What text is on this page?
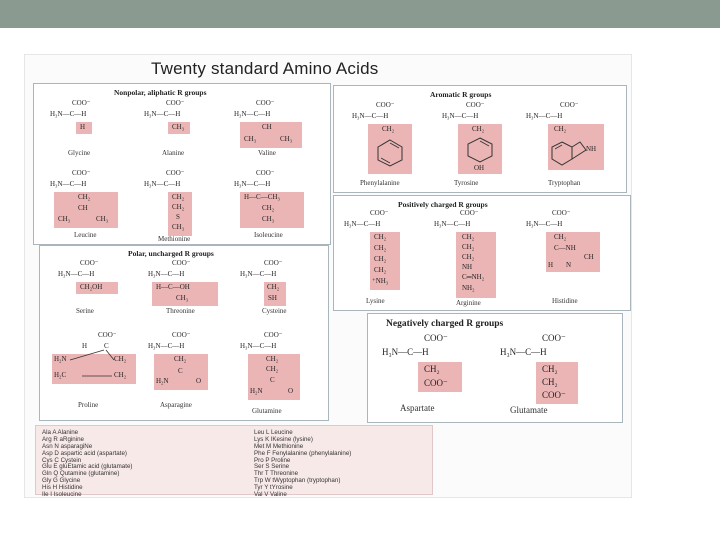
Twenty standard Amino Acids
Nonpolar, aliphatic R groups
COO⁻
H₃N—C—H
H
Glycine
COO⁻
H₃N—C—H
CH₃
Alanine
COO⁻
H₃N—C—H
CH
CH₃	CH₃
Valine
COO⁻
H₃N—C—H
CH₂
CH
CH₃	CH₃
Leucine
COO⁻
H₃N—C—H
CH₂
CH₂
S
CH₃
Methionine
COO⁻
H₃N—C—H
H—C—CH₃
CH₂
CH₃
Isoleucine
Aromatic R groups
COO⁻
H₃N—C—H
CH₂
Phenylalanine
COO⁻
H₃N—C—H
CH₂
OH
Tyrosine
COO⁻
H₃N—C—H
CH₂
NH
Tryptophan
Positively charged R groups
COO⁻
H₃N—C—H
CH₂
CH₂
CH₂
CH₂
⁺NH₃
Lysine
COO⁻
H₃N—C—H
CH₂
CH₂
CH₂
NH
C═NH₂
NH₂
Arginine
COO⁻
H₃N—C—H
CH₂
C—NH
CH
N
H
Histidine
Polar, uncharged R groups
COO⁻
H₃N—C—H
CH₂OH
Serine
COO⁻
H₃N—C—H
H—C—OH
CH₃
Threonine
COO⁻
H₃N—C—H
CH₂
SH
Cysteine
COO⁻
H C
H₂N	CH₂
H₂C	CH₂
Proline
COO⁻
H₃N—C—H
CH₂
C
H₂N	O
Asparagine
COO⁻
H₃N—C—H
CH₂
CH₂
C
H₂N	O
Glutamine
Negatively charged R groups
COO⁻
H₃N—C—H
CH₂
COO⁻
Aspartate
COO⁻
H₃N—C—H
CH₂
CH₂
COO⁻
Glutamate
Ala A Alanine
Arg R aRginine
Asn N asparagiNe
Asp D aspartic acid (aspartate)
Cys C Cystein
Glu E gluEtamic acid (glutamate)
Gln Q Qutamine (glutamine)
Gly G Glycine
His H Histidine
Ile I Isoleucine
Leu L Leucine
Lys K lKesine (lysine)
Met M Methionine
Phe F Fenylalanine (phenylalanine)
Pro P Proline
Ser S Serine
Thr T Threonine
Trp W tWyptophan (tryptophan)
Tyr Y tYrosine
Val V Valine
